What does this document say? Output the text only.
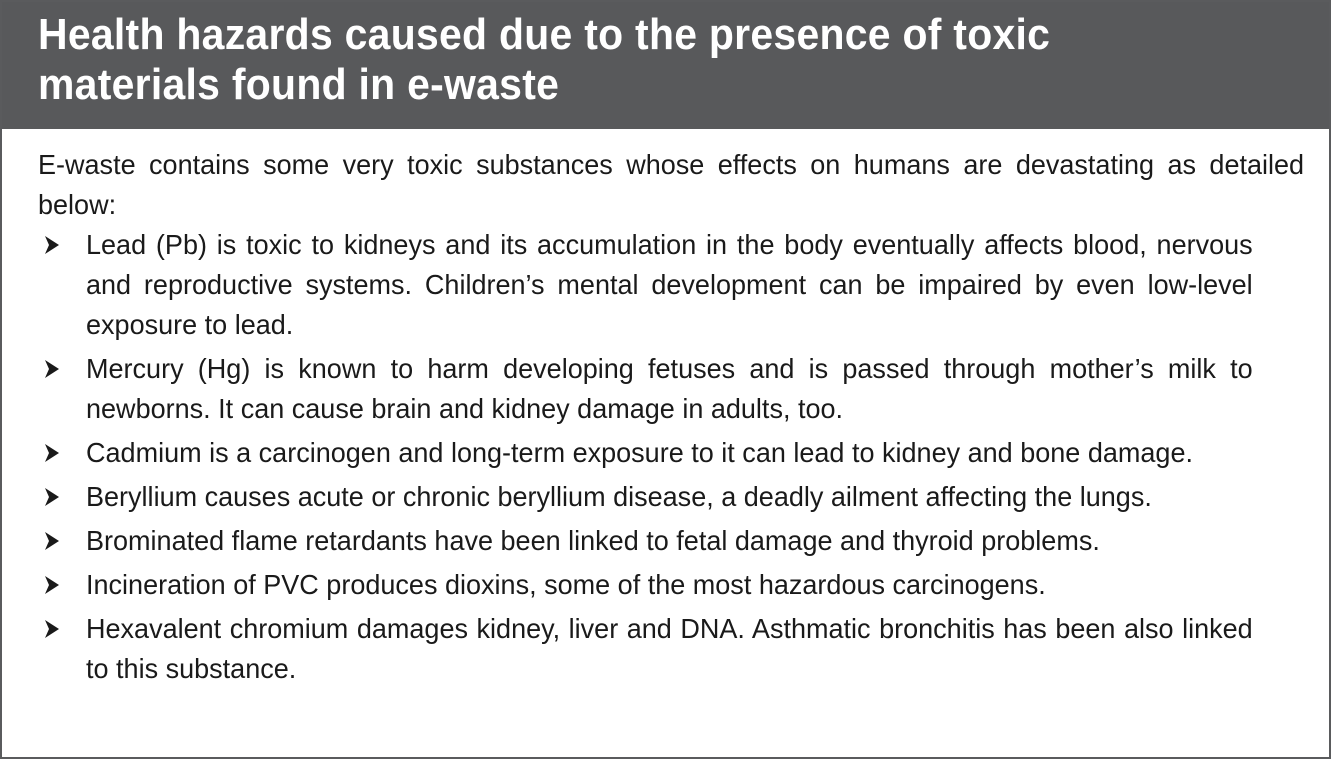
Health hazards caused due to the presence of toxic
materials found in e-waste

E-waste contains some very toxic substances whose effects on humans are devastating as detailed below:

Lead (Pb) is toxic to kidneys and its accumulation in the body eventually affects blood, nervous and reproductive systems. Children’s mental development can be impaired by even low-level exposure to lead.
Mercury (Hg) is known to harm developing fetuses and is passed through mother’s milk to newborns. It can cause brain and kidney damage in adults, too.
Cadmium is a carcinogen and long-term exposure to it can lead to kidney and bone damage.
Beryllium causes acute or chronic beryllium disease, a deadly ailment affecting the lungs.
Brominated flame retardants have been linked to fetal damage and thyroid problems.
Incineration of PVC produces dioxins, some of the most hazardous carcinogens.
Hexavalent chromium damages kidney, liver and DNA. Asthmatic bronchitis has been also linked to this substance.
